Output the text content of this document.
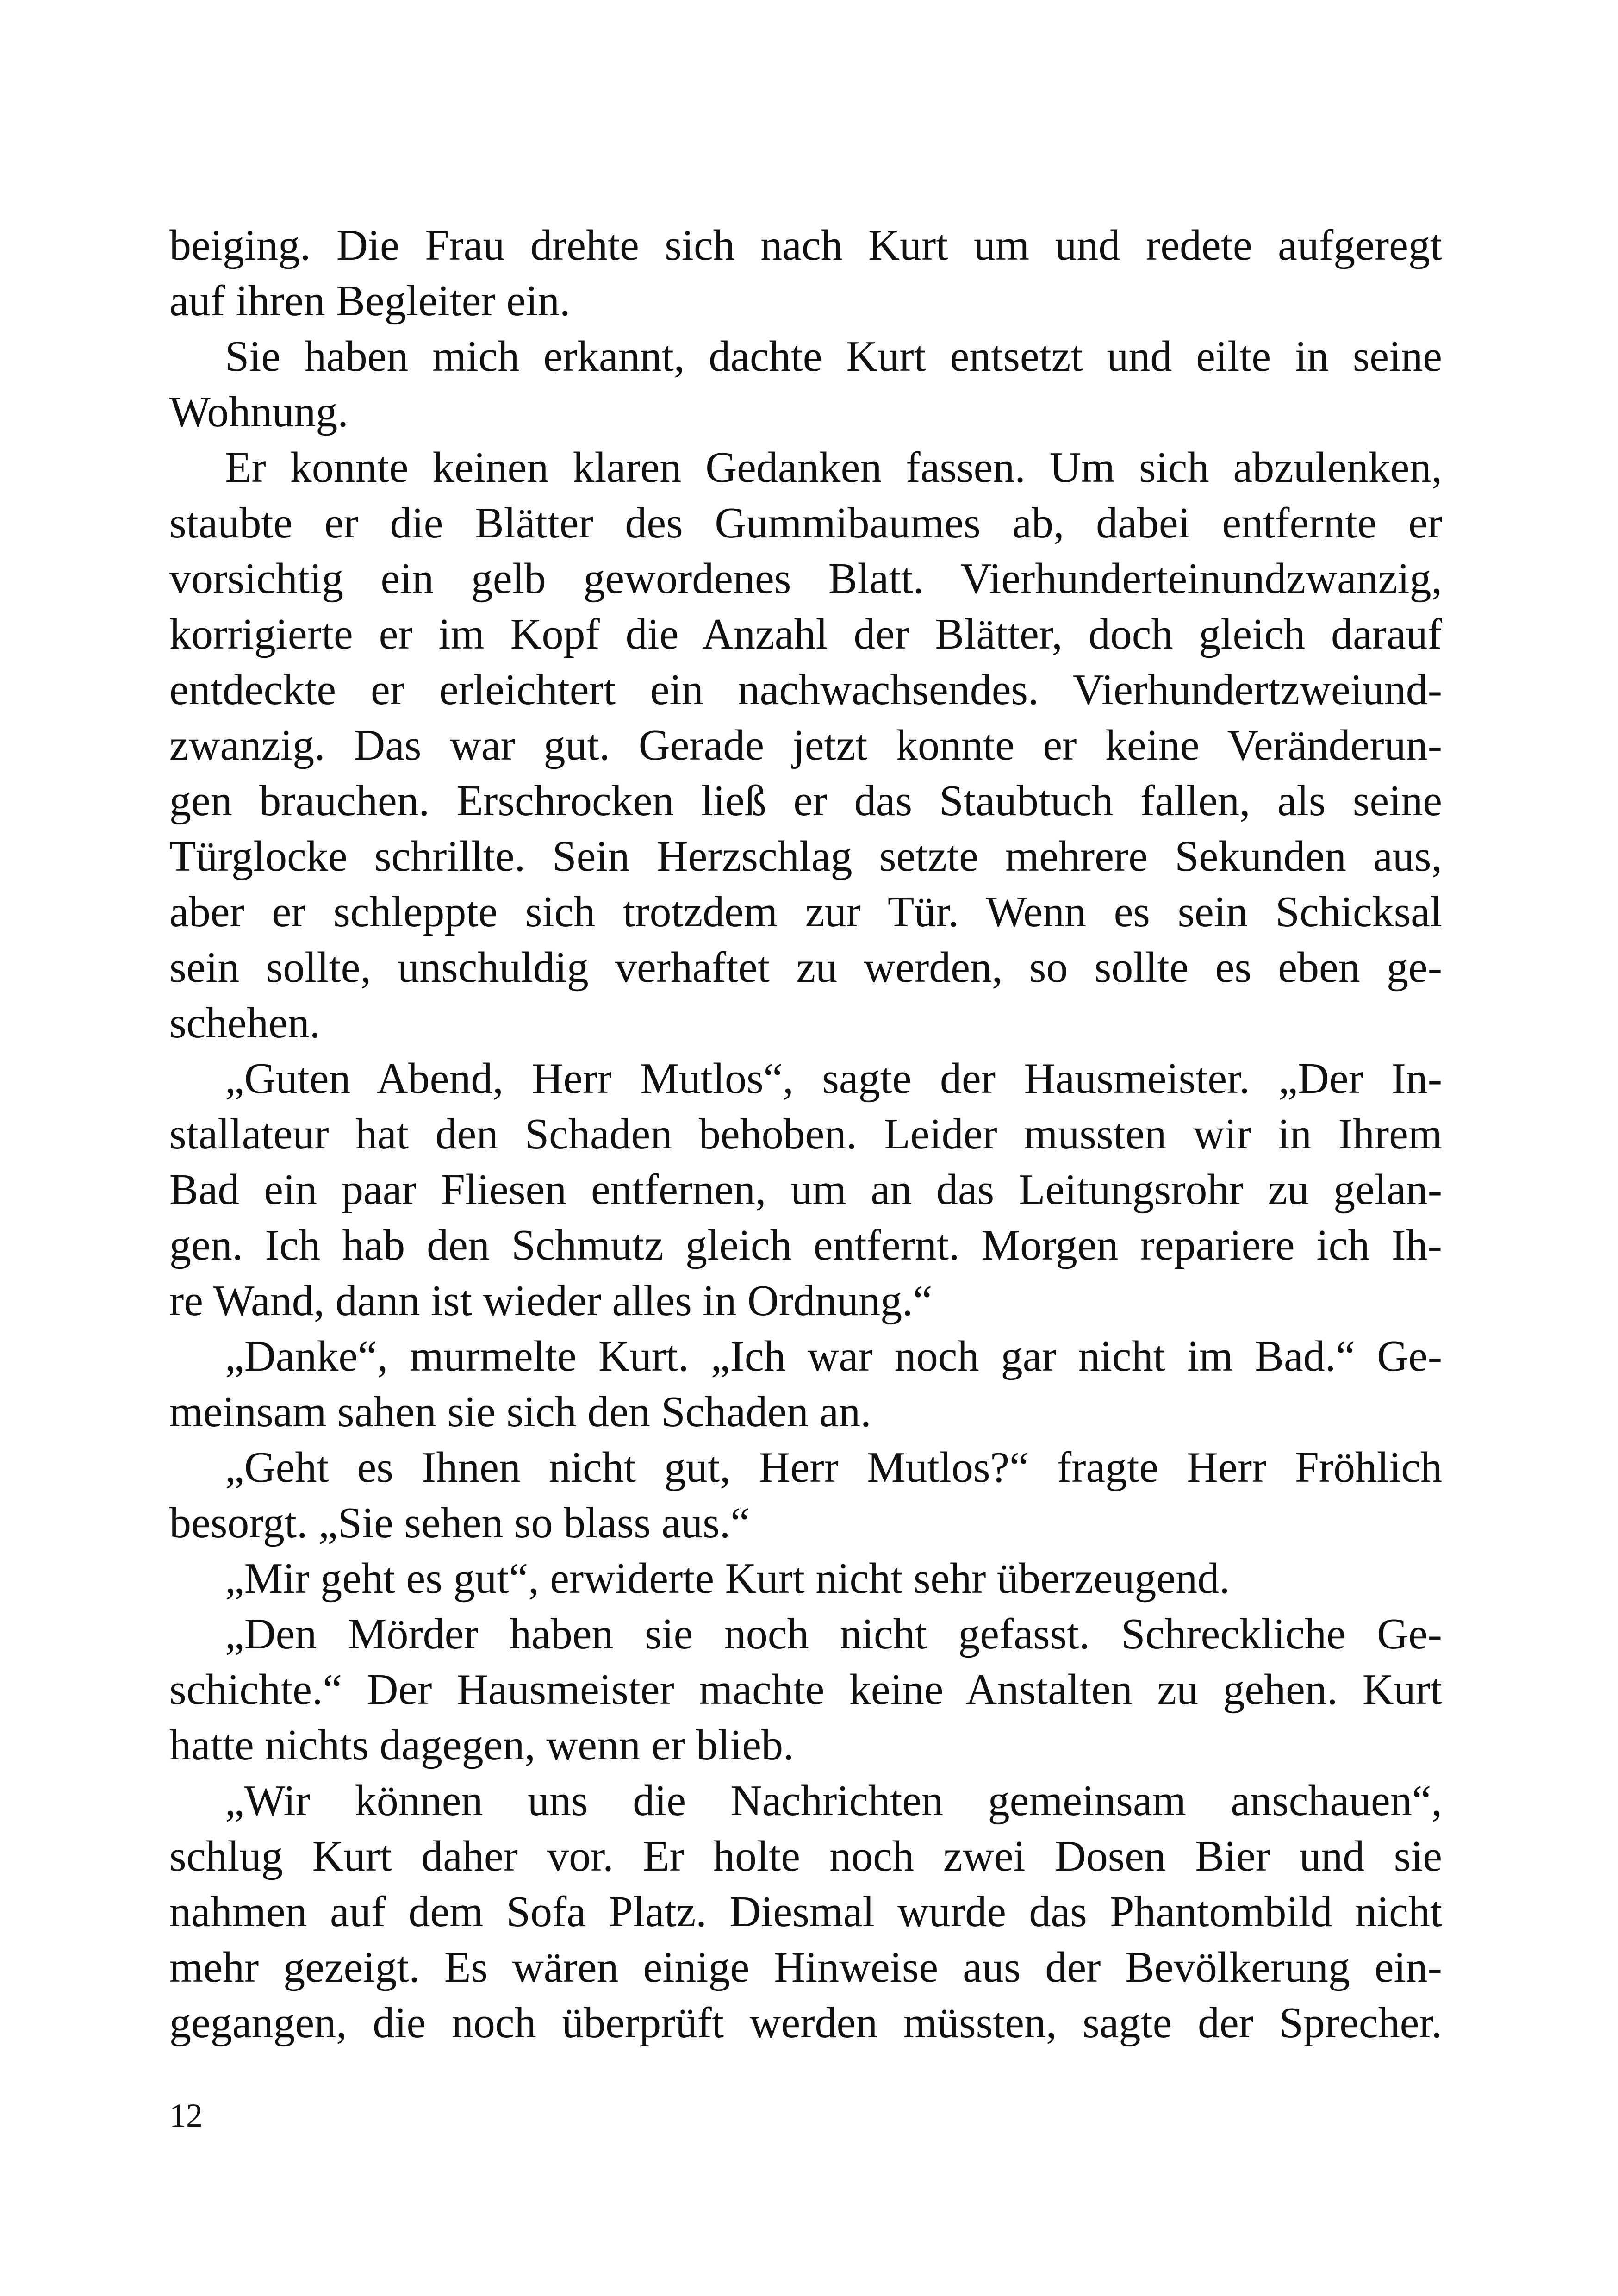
beiging. Die Frau drehte sich nach Kurt um und redete aufgeregt
auf ihren Begleiter ein.
Sie haben mich erkannt, dachte Kurt entsetzt und eilte in seine
Wohnung.
Er konnte keinen klaren Gedanken fassen. Um sich abzulenken,
staubte er die Blätter des Gummibaumes ab, dabei entfernte er
vorsichtig ein gelb gewordenes Blatt. Vierhunderteinundzwanzig,
korrigierte er im Kopf die Anzahl der Blätter, doch gleich darauf
entdeckte er erleichtert ein nachwachsendes. Vierhundertzweiund-
zwanzig. Das war gut. Gerade jetzt konnte er keine Veränderun-
gen brauchen. Erschrocken ließ er das Staubtuch fallen, als seine
Türglocke schrillte. Sein Herzschlag setzte mehrere Sekunden aus,
aber er schleppte sich trotzdem zur Tür. Wenn es sein Schicksal
sein sollte, unschuldig verhaftet zu werden, so sollte es eben ge-
schehen.
„Guten Abend, Herr Mutlos“, sagte der Hausmeister. „Der In-
stallateur hat den Schaden behoben. Leider mussten wir in Ihrem
Bad ein paar Fliesen entfernen, um an das Leitungsrohr zu gelan-
gen. Ich hab den Schmutz gleich entfernt. Morgen repariere ich Ih-
re Wand, dann ist wieder alles in Ordnung.“
„Danke“, murmelte Kurt. „Ich war noch gar nicht im Bad.“ Ge-
meinsam sahen sie sich den Schaden an.
„Geht es Ihnen nicht gut, Herr Mutlos?“ fragte Herr Fröhlich
besorgt. „Sie sehen so blass aus.“
„Mir geht es gut“, erwiderte Kurt nicht sehr überzeugend.
„Den Mörder haben sie noch nicht gefasst. Schreckliche Ge-
schichte.“ Der Hausmeister machte keine Anstalten zu gehen. Kurt
hatte nichts dagegen, wenn er blieb.
„Wir können uns die Nachrichten gemeinsam anschauen“,
schlug Kurt daher vor. Er holte noch zwei Dosen Bier und sie
nahmen auf dem Sofa Platz. Diesmal wurde das Phantombild nicht
mehr gezeigt. Es wären einige Hinweise aus der Bevölkerung ein-
gegangen, die noch überprüft werden müssten, sagte der Sprecher.
12
